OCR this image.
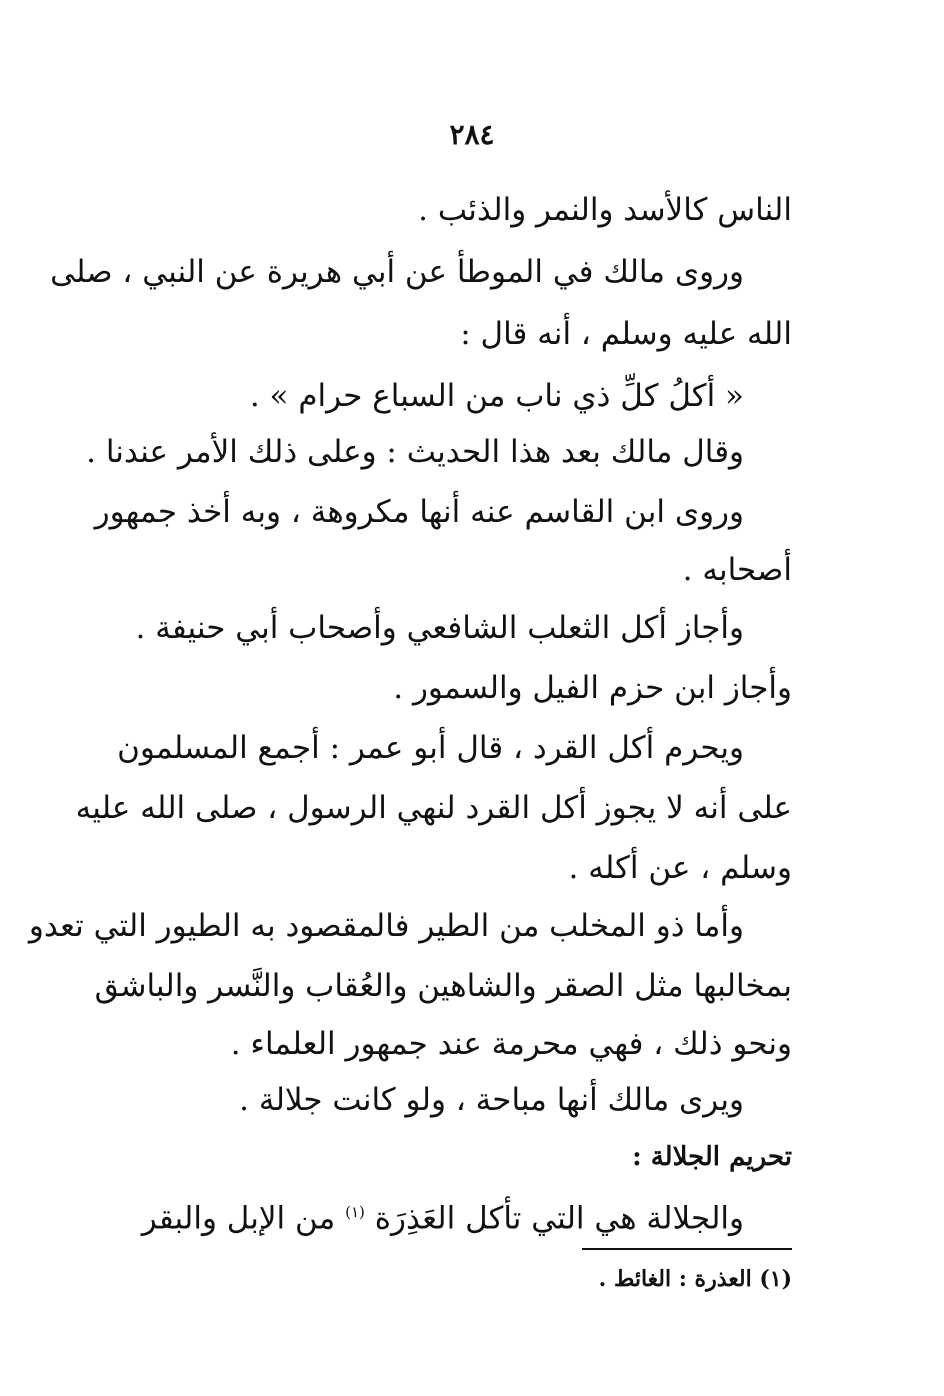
٢٨٤
الناس كالأسد والنمر والذئب .
وروى مالك في الموطأ عن أبي هريرة عن النبي ، صلى
الله عليه وسلم ، أنه قال :
« أكلُ كلِّ ذي ناب من السباع حرام » .
وقال مالك بعد هذا الحديث : وعلى ذلك الأمر عندنا .
وروى ابن القاسم عنه أنها مكروهة ، وبه أخذ جمهور
أصحابه .
وأجاز أكل الثعلب الشافعي وأصحاب أبي حنيفة .
وأجاز ابن حزم الفيل والسمور .
ويحرم أكل القرد ، قال أبو عمر : أجمع المسلمون
على أنه لا يجوز أكل القرد لنهي الرسول ، صلى الله عليه
وسلم ، عن أكله .
وأما ذو المخلب من الطير فالمقصود به الطيور التي تعدو
بمخالبها مثل الصقر والشاهين والعُقاب والنَّسر والباشق
ونحو ذلك ، فهي محرمة عند جمهور العلماء .
ويرى مالك أنها مباحة ، ولو كانت جلالة .
تحريم الجلالة :
والجلالة هي التي تأكل العَذِرَة $^{(١)}$ من الإبل والبقر
(١) العذرة : الغائط .
